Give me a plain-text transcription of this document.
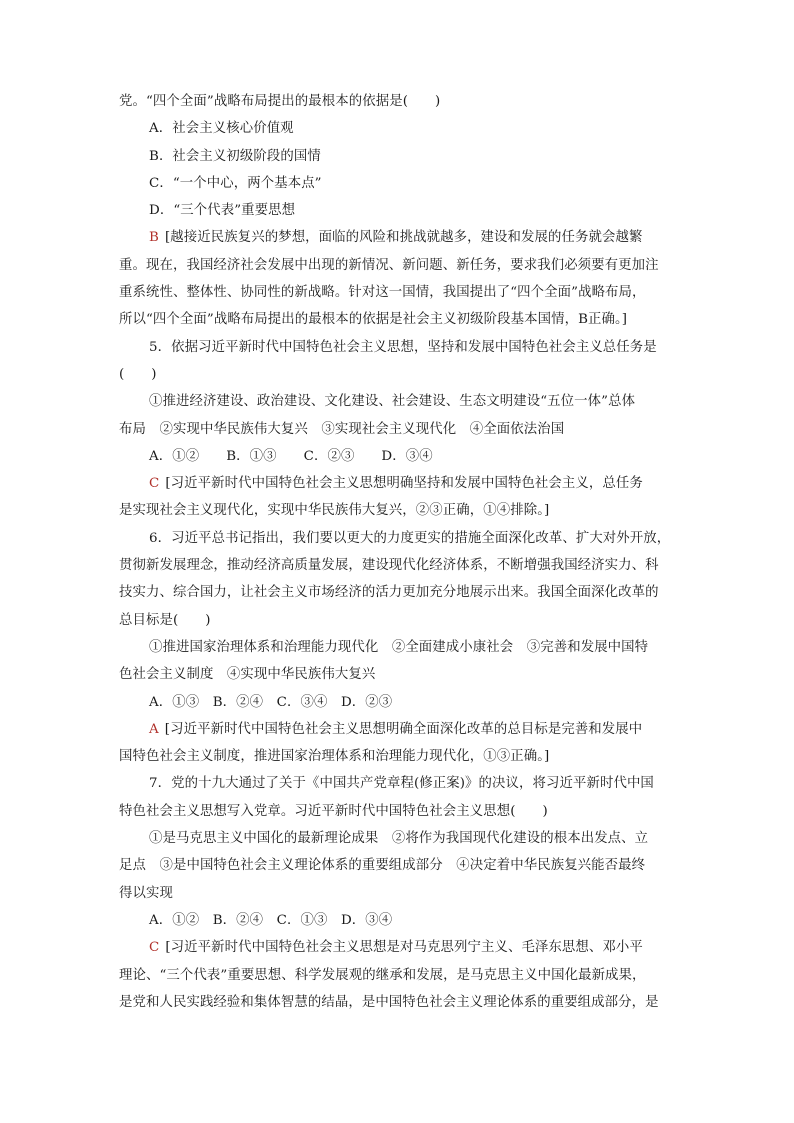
党。“四个全面”战略布局提出的最根本的依据是(　　)
A．社会主义核心价值观
B．社会主义初级阶段的国情
C．“一个中心，两个基本点”
D．“三个代表”重要思想
B [越接近民族复兴的梦想，面临的风险和挑战就越多，建设和发展的任务就会越繁
重。现在，我国经济社会发展中出现的新情况、新问题、新任务，要求我们必须要有更加注
重系统性、整体性、协同性的新战略。针对这一国情，我国提出了“四个全面”战略布局，
所以“四个全面”战略布局提出的最根本的依据是社会主义初级阶段基本国情，B正确。]
5．依据习近平新时代中国特色社会主义思想，坚持和发展中国特色社会主义总任务是
(　　)
①推进经济建设、政治建设、文化建设、社会建设、生态文明建设“五位一体”总体
布局　②实现中华民族伟大复兴　③实现社会主义现代化　④全面依法治国
A．①②　　B．①③　　C．②③　　D．③④
C [习近平新时代中国特色社会主义思想明确坚持和发展中国特色社会主义，总任务
是实现社会主义现代化，实现中华民族伟大复兴，②③正确，①④排除。]
6．习近平总书记指出，我们要以更大的力度更实的措施全面深化改革、扩大对外开放，
贯彻新发展理念，推动经济高质量发展，建设现代化经济体系，不断增强我国经济实力、科
技实力、综合国力，让社会主义市场经济的活力更加充分地展示出来。我国全面深化改革的
总目标是(　　)
①推进国家治理体系和治理能力现代化　②全面建成小康社会　③完善和发展中国特
色社会主义制度　④实现中华民族伟大复兴
A．①③　B．②④　C．③④　D．②③
A [习近平新时代中国特色社会主义思想明确全面深化改革的总目标是完善和发展中
国特色社会主义制度，推进国家治理体系和治理能力现代化，①③正确。]
7．党的十九大通过了关于《中国共产党章程(修正案)》的决议，将习近平新时代中国
特色社会主义思想写入党章。习近平新时代中国特色社会主义思想(　　)
①是马克思主义中国化的最新理论成果　②将作为我国现代化建设的根本出发点、立
足点　③是中国特色社会主义理论体系的重要组成部分　④决定着中华民族复兴能否最终
得以实现
A．①②　B．②④　C．①③　D．③④
C [习近平新时代中国特色社会主义思想是对马克思列宁主义、毛泽东思想、邓小平
理论、“三个代表”重要思想、科学发展观的继承和发展，是马克思主义中国化最新成果，
是党和人民实践经验和集体智慧的结晶，是中国特色社会主义理论体系的重要组成部分，是
